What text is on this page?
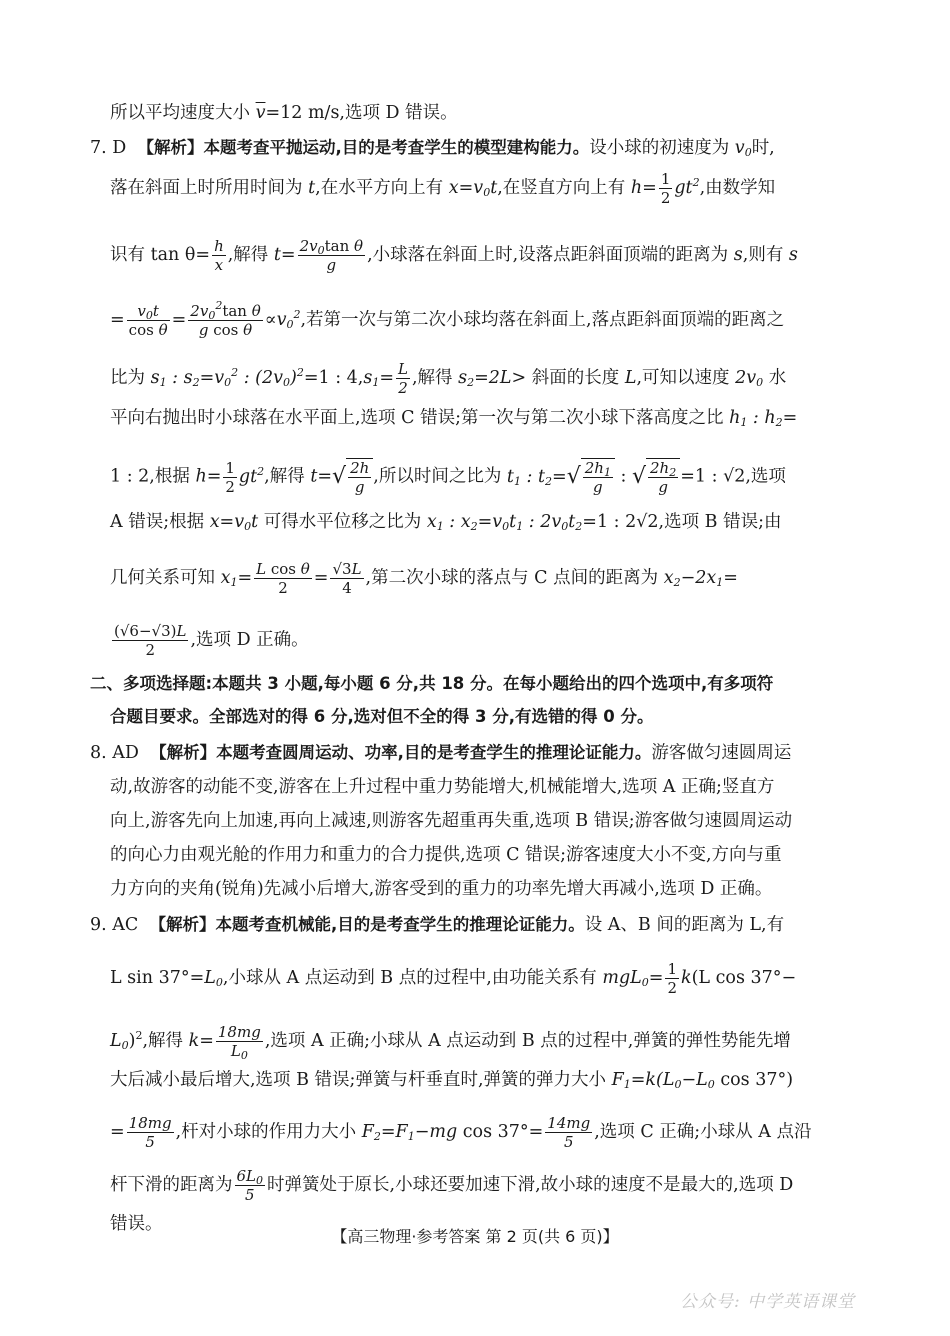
所以平均速度大小 $\overline{v}=12$ m/s,选项 D 错误。
7. D 【解析】本题考查平抛运动,目的是考查学生的模型建构能力。设小球的初速度为 $v_0$时,
落在斜面上时所用时间为 t,在水平方向上有 $x=v_0t$,在竖直方向上有 $h= \frac{1}{2} gt^2$,由数学知
识有 $\tan \theta= \frac{h}{x}$ ,解得 $t= \frac{2v_0\tan \theta}{g}$ ,小球落在斜面上时,设落点距斜面顶端的距离为 s,则有 s
= $\frac{v_0t}{\text{cos θ}} = \frac{2v_0^2\tan \theta}{\text{g cos θ}} \propto v_0^2$,若第一次与第二次小球均落在斜面上,落点距斜面顶端的距离之
比为 $s_1$ : $s_2=v_0^2$ : $(2v_0)^2=1$ : $4,s_1= \frac{L}{2}$ ,解得 $s_2=2L>$ 斜面的长度 L,可知以速度 $2v_0$ 水
平向右抛出时小球落在水平面上,选项 C 错误;第一次与第二次小球下落高度之比 $h_1$ : $h_2=$
1 : 2,根据 $h= \frac{1}{2} gt^2$,解得 $t=√ \frac{2h}{g}$ ,所以时间之比为 $t_1$ : $t_2=√ \frac{2h_1}{g}$ : √ $\frac{2h_2}{g} =1$ : √2,选项
A 错误;根据 $x=v_0t$ 可得水平位移之比为 $x_1$ : $x_2=v_0t_1$ : $2v_0t_2=1$ : 2√2,选项 B 错误;由
几何关系可知 $x_1= \frac{\text{L cos θ}}{2} = \frac{√3L}{4}$ ,第二次小球的落点与 C 点间的距离为 $x_2-2x_1=$
$\frac{(√6-√3)L}{2}$ ,选项 D 正确。
二、多项选择题:本题共 3 小题,每小题 6 分,共 18 分。在每小题给出的四个选项中,有多项符
合题目要求。全部选对的得 6 分,选对但不全的得 3 分,有选错的得 0 分。
8. AD 【解析】本题考查圆周运动、功率,目的是考查学生的推理论证能力。游客做匀速圆周运
动,故游客的动能不变,游客在上升过程中重力势能增大,机械能增大,选项 A 正确;竖直方
向上,游客先向上加速,再向上减速,则游客先超重再失重,选项 B 错误;游客做匀速圆周运动
的向心力由观光舱的作用力和重力的合力提供,选项 C 错误;游客速度大小不变,方向与重
力方向的夹角(锐角)先减小后增大,游客受到的重力的功率先增大再减小,选项 D 正确。
9. AC 【解析】本题考查机械能,目的是考查学生的推理论证能力。设 A、B 间的距离为 L,有
L $\sin 37^\circ=L_0$,小球从 A 点运动到 B 点的过程中,由功能关系有 $mgL_0= \frac{1}{2} k(L$ cos 37°−
$L_0)^2$,解得 $k= \frac{18mg}{L_0}$ ,选项 A 正确;小球从 A 点运动到 B 点的过程中,弹簧的弹性势能先增
大后减小最后增大,选项 B 错误;弹簧与杆垂直时,弹簧的弹力大小 $F_1=k(L_0-L_0$ cos 37°)
= $\frac{18mg}{5}$ ,杆对小球的作用力大小 $F_2=F_1-mg$ $\cos 37^\circ= \frac{14mg}{5}$ ,选项 C 正确;小球从 A 点沿
杆下滑的距离为 $\frac{6L_0}{5}$ 时弹簧处于原长,小球还要加速下滑,故小球的速度不是最大的,选项 D
错误。
【高三物理·参考答案 第 2 页(共 6 页)】
公众号: 中学英语课堂
